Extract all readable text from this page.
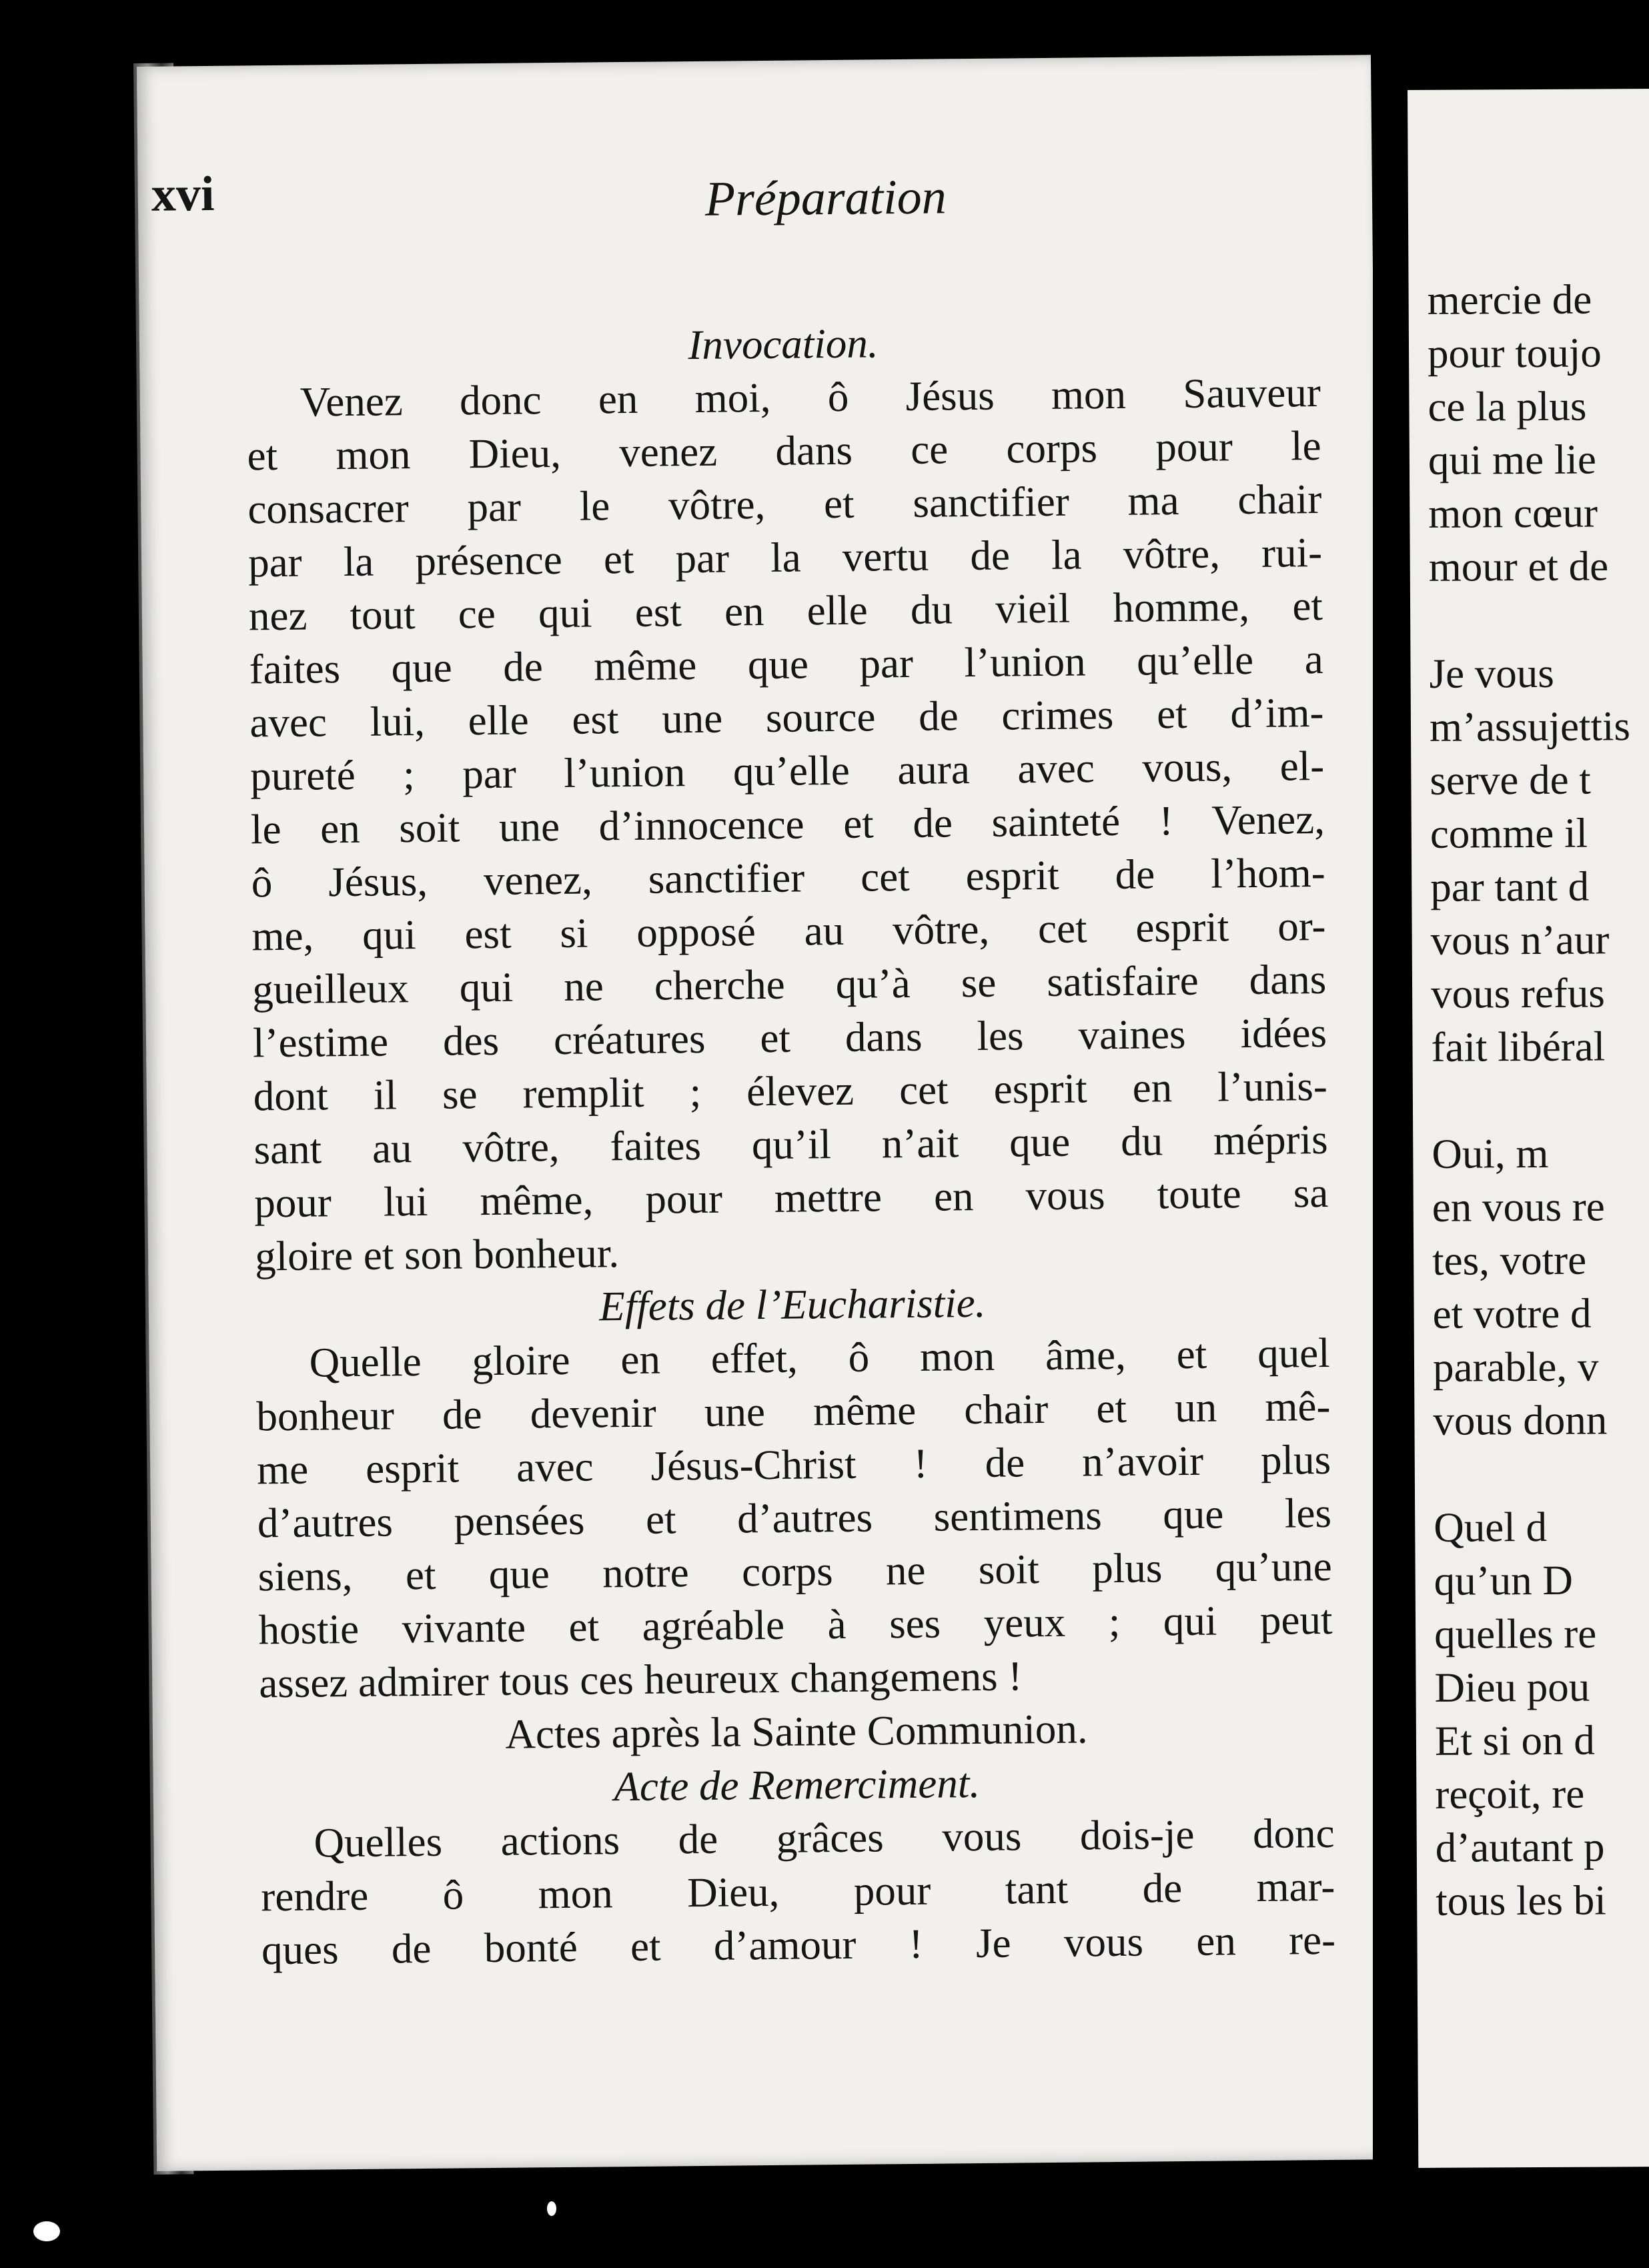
mercie de
pour toujo
ce la plus
qui me lie
mon cœur
mour et de
Je vous
m’assujettis
serve de t
comme il
par tant d
vous n’aur
vous refus
fait libéral
Oui, m
en vous re
tes, votre
et votre d
parable, v
vous donn
Quel d
qu’un D
quelles re
Dieu pou
Et si on d
reçoit, re
d’autant p
tous les bi
xvi	Préparation
Invocation.
Venez donc en moi, ô Jésus mon Sauveur
et mon Dieu, venez dans ce corps pour le
consacrer par le vôtre, et sanctifier ma chair
par la présence et par la vertu de la vôtre, rui-
nez tout ce qui est en elle du vieil homme, et
faites que de même que par l’union qu’elle a
avec lui, elle est une source de crimes et d’im-
pureté ; par l’union qu’elle aura avec vous, el-
le en soit une d’innocence et de sainteté ! Venez,
ô Jésus, venez, sanctifier cet esprit de l’hom-
me, qui est si opposé au vôtre, cet esprit or-
gueilleux qui ne cherche qu’à se satisfaire dans
l’estime des créatures et dans les vaines idées
dont il se remplit ; élevez cet esprit en l’unis-
sant au vôtre, faites qu’il n’ait que du mépris
pour lui même, pour mettre en vous toute sa
gloire et son bonheur.
Effets de l’Eucharistie.
Quelle gloire en effet, ô mon âme, et quel
bonheur de devenir une même chair et un mê-
me esprit avec Jésus-Christ ! de n’avoir plus
d’autres pensées et d’autres sentimens que les
siens, et que notre corps ne soit plus qu’une
hostie vivante et agréable à ses yeux ; qui peut
assez admirer tous ces heureux changemens !
Actes après la Sainte Communion.
Acte de Remerciment.
Quelles actions de grâces vous dois-je donc
rendre ô mon Dieu, pour tant de mar-
ques de bonté et d’amour ! Je vous en re-
